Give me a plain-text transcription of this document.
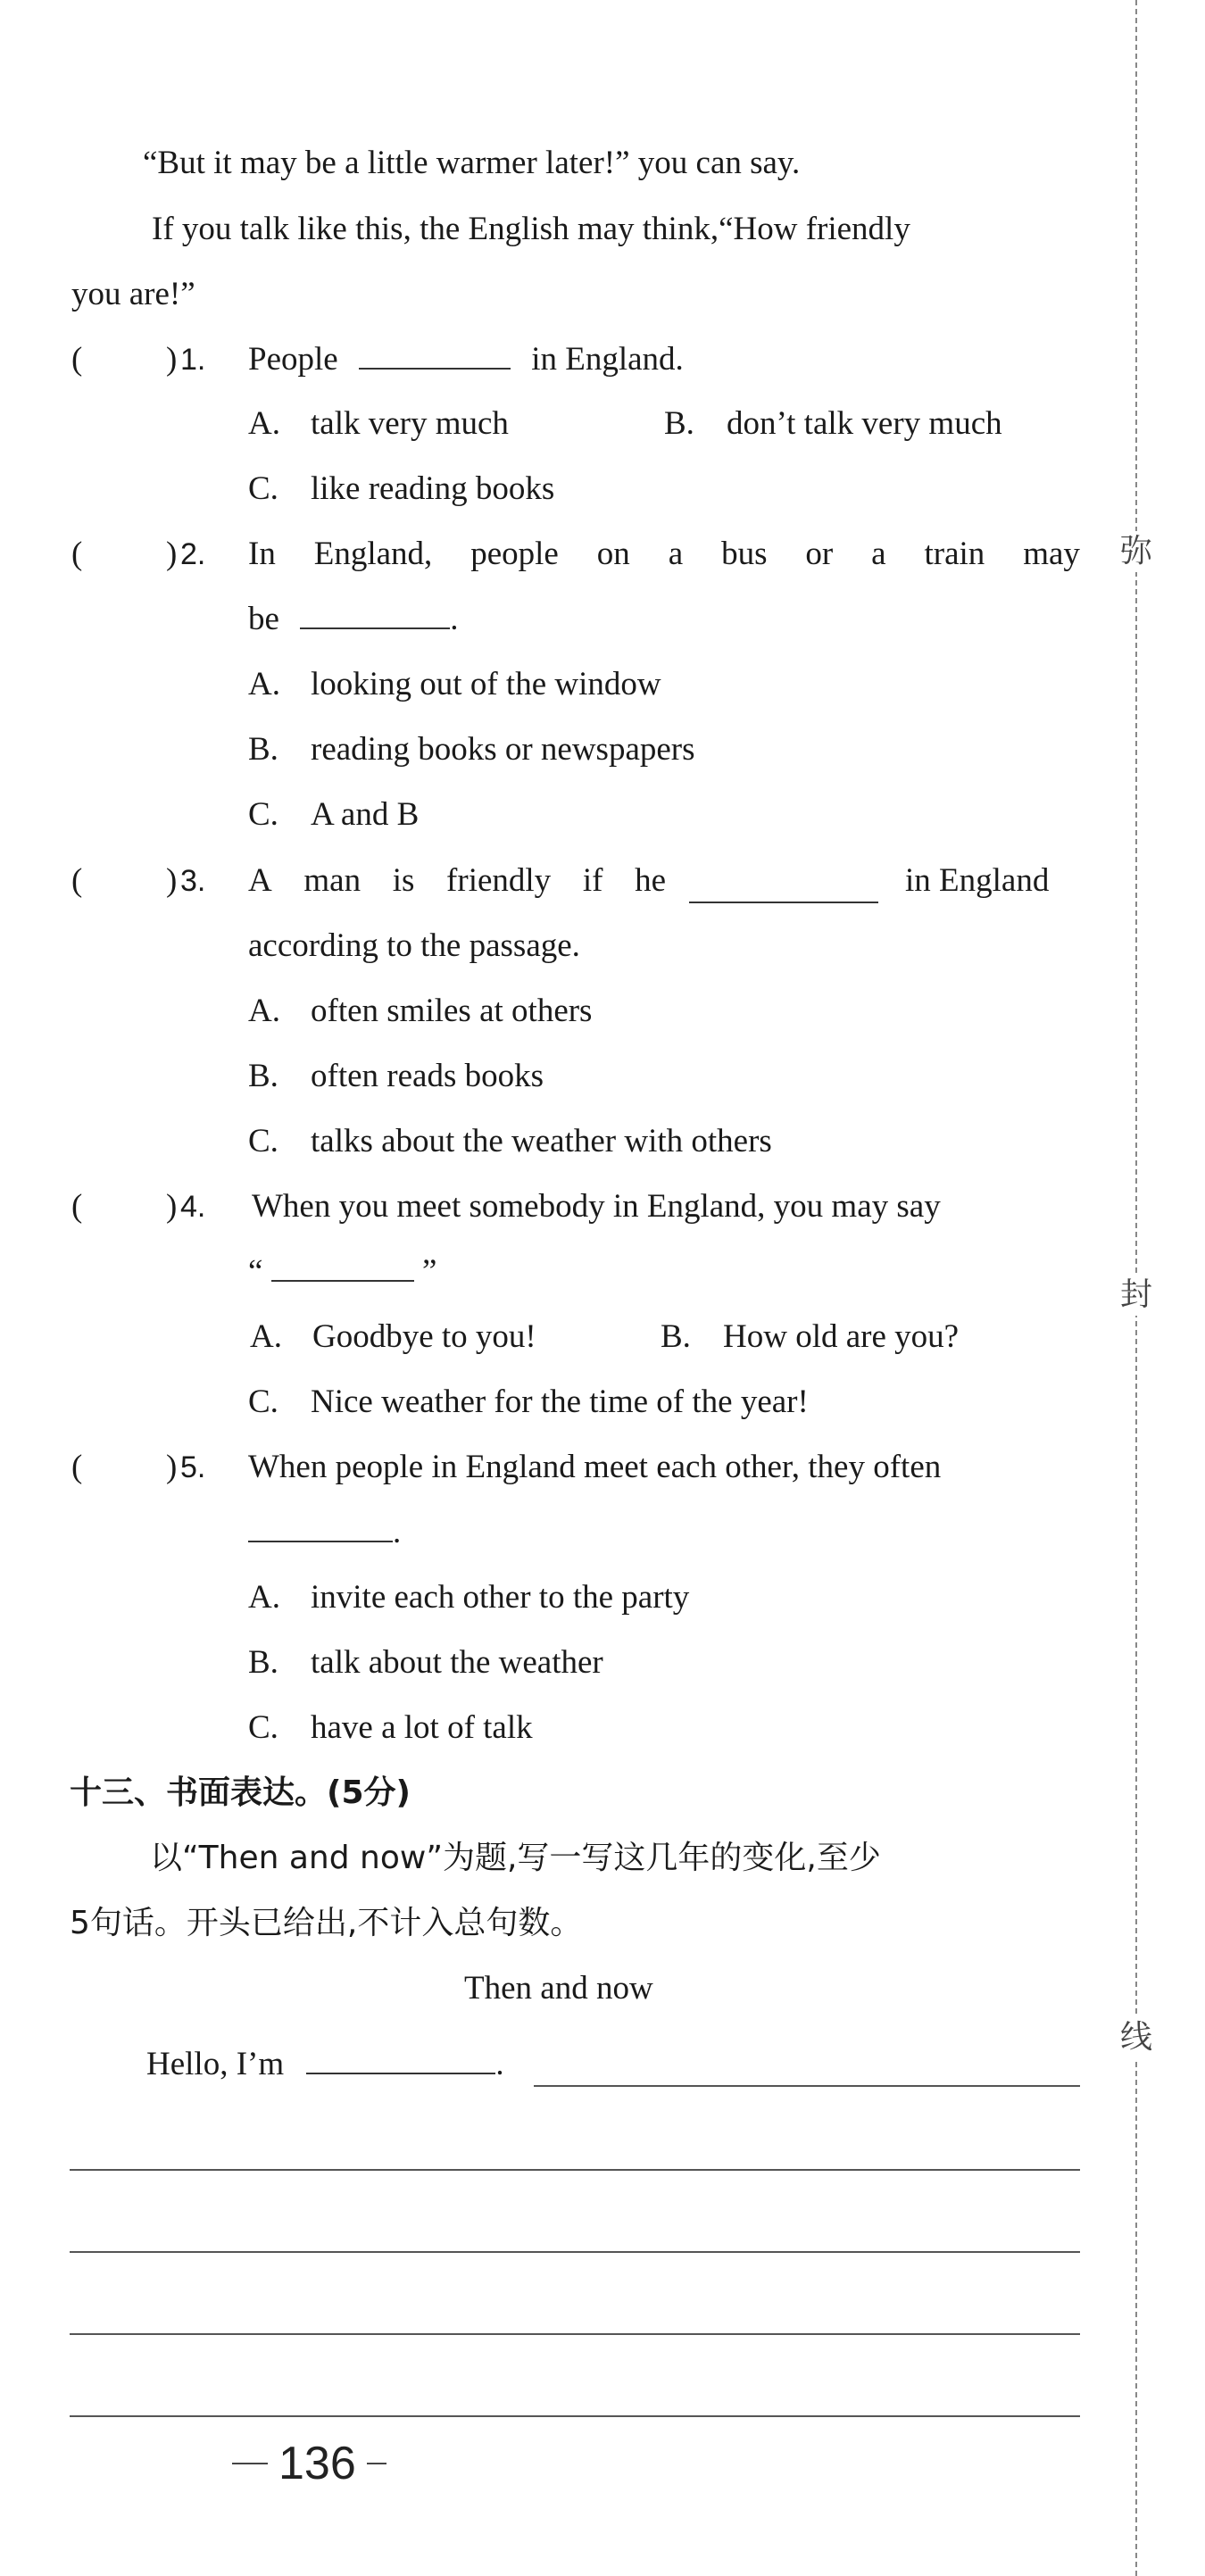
“But it may be a little warmer later!” you can say.
If you talk like this, the English may think,“How friendly
you are!”
(	) 1. People	in England.
A. talk very much	B. don’t talk very much
C. like reading books
(	) 2. In England, people on a bus or a train may
be	.
A. looking out of the window
B. reading books or newspapers
C. A and B
(	) 3. A man is friendly if he	in England
according to the passage.
A. often smiles at others
B. often reads books
C. talks about the weather with others
(	) 4. When you meet somebody in England, you may say
“	”
A. Goodbye to you!	B. How old are you?
C. Nice weather for the time of the year!
(	) 5. When people in England meet each other, they often
.
A. invite each other to the party
B. talk about the weather
C. have a lot of talk
十三、书面表达。(5分)
以“Then and now”为题,写一写这几年的变化,至少
5句话。开头已给出,不计入总句数。
Then and now
Hello, I’m	.
弥
封
线
136
